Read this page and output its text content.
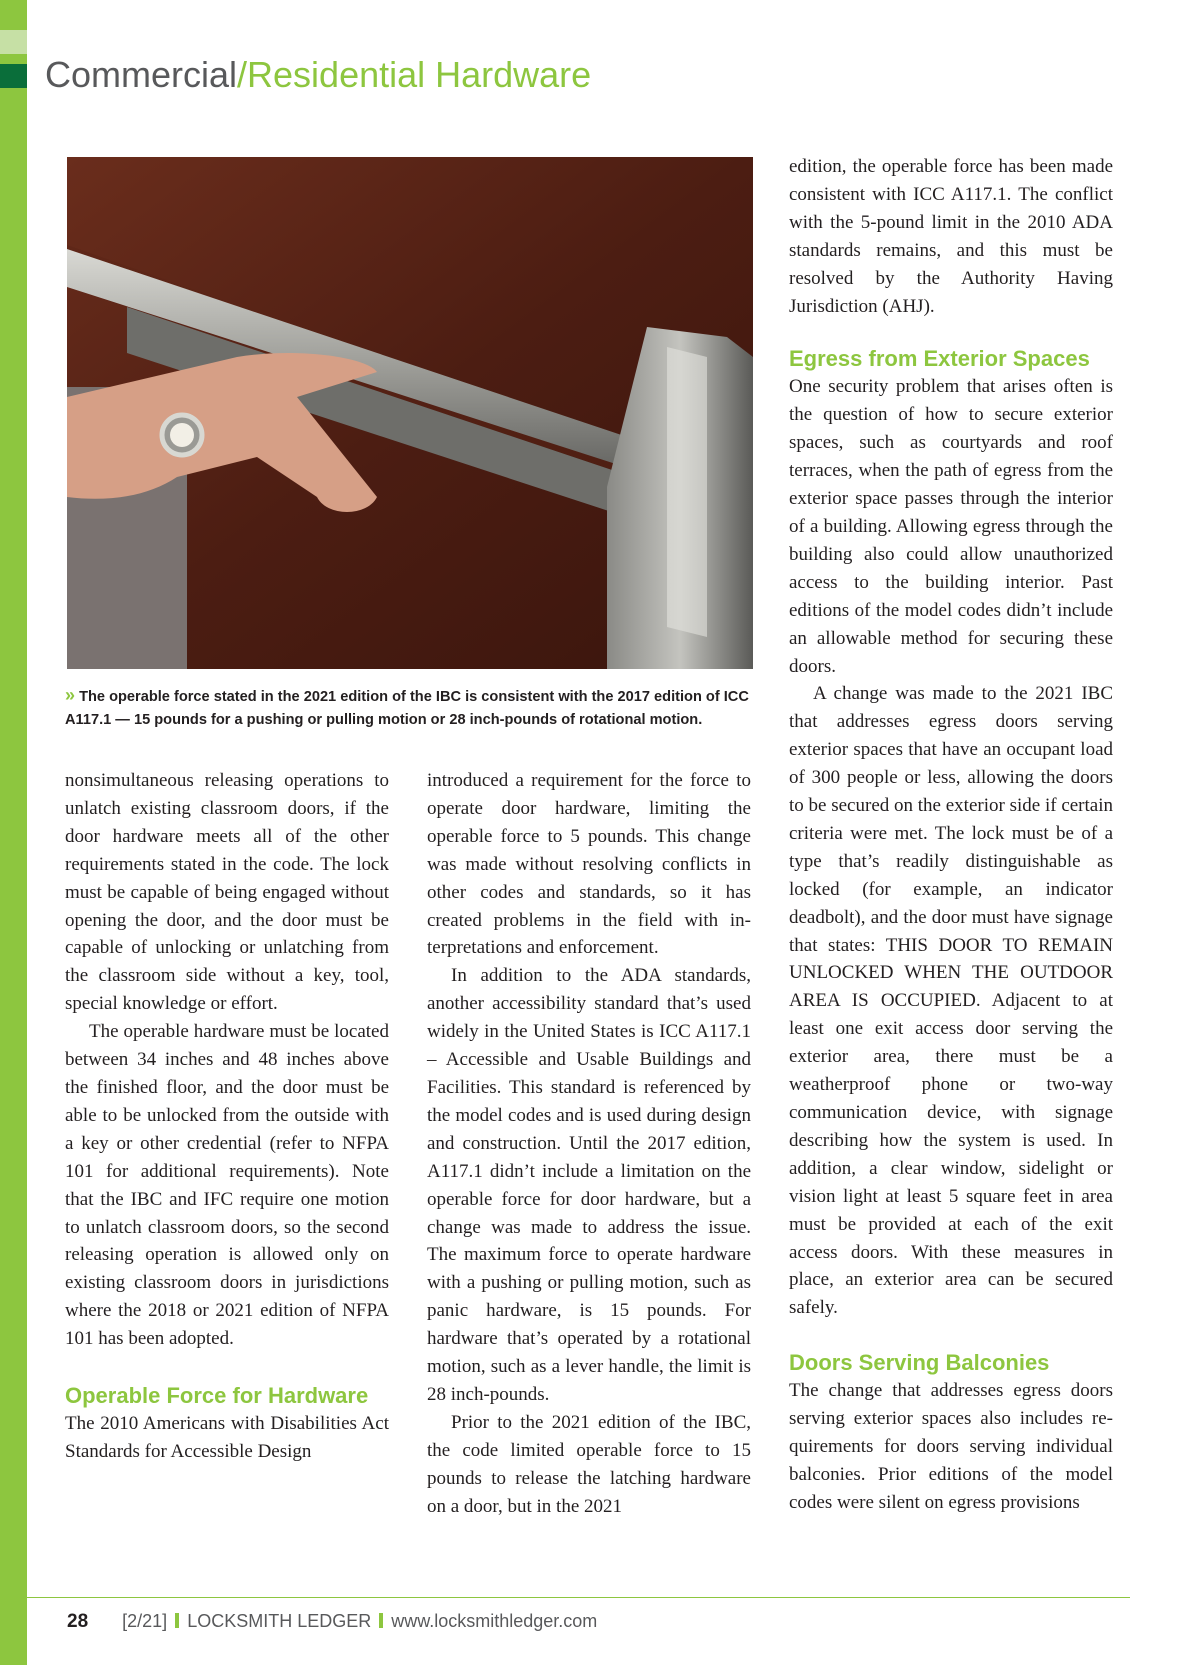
Commercial/Residential Hardware

» The operable force stated in the 2021 edition of the IBC is consistent with the 2017 edition of ICC A117.1 — 15 pounds for a pushing or pulling motion or 28 inch-pounds of rotational motion.

nonsimultaneous releasing operations to unlatch existing classroom doors, if the door hardware meets all of the other requirements stated in the code. The lock must be capable of being engaged without opening the door, and the door must be capable of unlocking or unlatching from the classroom side without a key, tool, special knowledge or effort.

The operable hardware must be located between 34 inches and 48 inches above the finished floor, and the door must be able to be unlocked from the outside with a key or other credential (refer to NFPA 101 for additional requirements). Note that the IBC and IFC require one motion to unlatch classroom doors, so the second releasing operation is allowed only on existing classroom doors in jurisdictions where the 2018 or 2021 edition of NFPA 101 has been adopted.

Operable Force for Hardware

The 2010 Americans with Disabilities Act Standards for Accessible Design

introduced a requirement for the force to operate door hardware, limiting the operable force to 5 pounds. This change was made without resolving conflicts in other codes and standards, so it has created problems in the field with interpretations and enforcement.

In addition to the ADA standards, another accessibility standard that’s used widely in the United States is ICC A117.1 – Accessible and Usable Buildings and Facilities. This standard is referenced by the model codes and is used during design and construction. Until the 2017 edition, A117.1 didn’t include a limitation on the operable force for door hardware, but a change was made to address the issue. The maximum force to operate hardware with a pushing or pulling motion, such as panic hardware, is 15 pounds. For hardware that’s operated by a rotational motion, such as a lever handle, the limit is 28 inch-pounds.

Prior to the 2021 edition of the IBC, the code limited operable force to 15 pounds to release the latching hardware on a door, but in the 2021

edition, the operable force has been made consistent with ICC A117.1. The conflict with the 5-pound limit in the 2010 ADA standards remains, and this must be resolved by the Authority Having Jurisdiction (AHJ).

Egress from Exterior Spaces

One security problem that arises often is the question of how to secure exterior spaces, such as courtyards and roof terraces, when the path of egress from the exterior space passes through the interior of a building. Allowing egress through the building also could allow unauthorized access to the building interior. Past editions of the model codes didn’t include an allowable method for securing these doors.

A change was made to the 2021 IBC that addresses egress doors serving exterior spaces that have an occupant load of 300 people or less, allowing the doors to be secured on the exterior side if certain criteria were met. The lock must be of a type that’s readily distinguishable as locked (for example, an indicator deadbolt), and the door must have signage that states: THIS DOOR TO REMAIN UNLOCKED WHEN THE OUTDOOR AREA IS OCCUPIED. Adjacent to at least one exit access door serving the exterior area, there must be a weatherproof phone or two-way communication device, with signage describing how the system is used. In addition, a clear window, sidelight or vision light at least 5 square feet in area must be provided at each of the exit access doors. With these measures in place, an exterior area can be secured safely.

Doors Serving Balconies

The change that addresses egress doors serving exterior spaces also includes requirements for doors serving individual balconies. Prior editions of the model codes were silent on egress provisions

28 [2/21] LOCKSMITH LEDGER www.locksmithledger.com
